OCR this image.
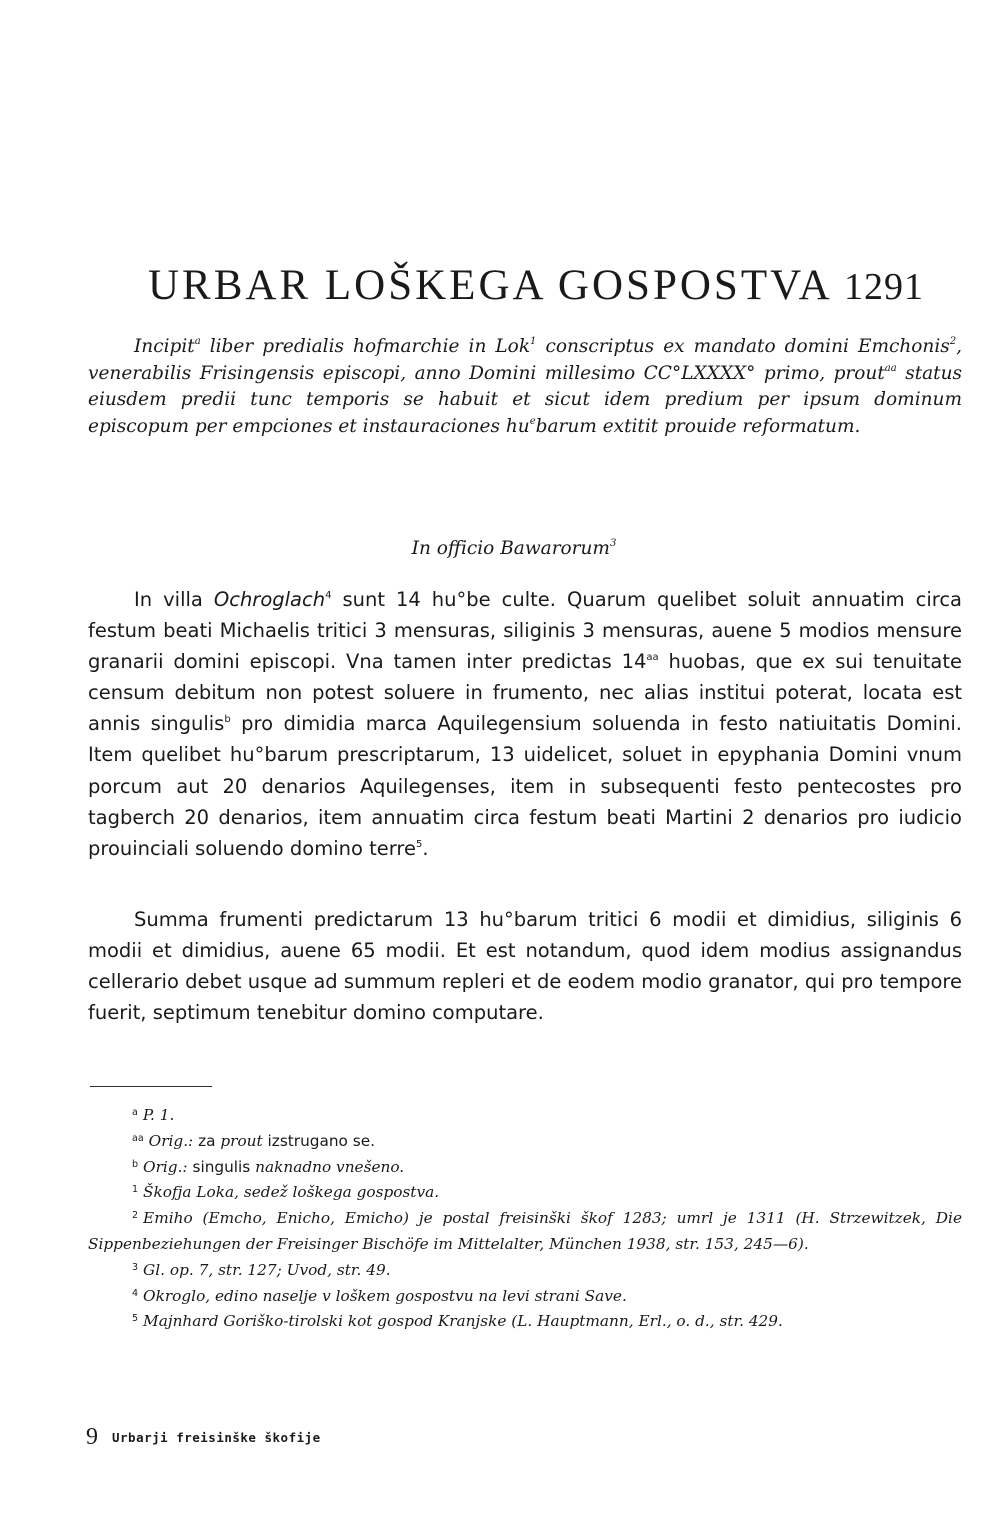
URBAR LOŠKEGA GOSPOSTVA 1291

Incipit$^a$ liber predialis hofmarchie in Lok$^1$ conscriptus ex mandato domini Emchonis$^2$, venerabilis Frisingensis episcopi, anno Domini millesimo CC°LXXXX° primo, prout$^{aa}$ status eiusdem predii tunc temporis se habuit et sicut idem predium per ipsum dominum episcopum per empciones et instauraciones $hu^ebarum$ extitit prouide reformatum.

In officio Bawarorum$^3$

In villa Ochroglach$^4$ sunt 14 hu°be culte. Quarum quelibet soluit annuatim circa festum beati Michaelis tritici 3 mensuras, siliginis 3 mensuras, auene 5 modios mensure granarii domini episcopi. Vna tamen inter predictas $14^{aa}$ huobas, que ex sui tenuitate censum debitum non potest soluere in frumento, nec alias institui poterat, locata est annis singulis$^b$ pro dimidia marca Aquilegensium soluenda in festo natiuitatis Domini. Item quelibet hu°barum prescriptarum, 13 uidelicet, soluet in epyphania Domini vnum porcum aut 20 denarios Aquilegenses, item in subsequenti festo pentecostes pro tagberch 20 denarios, item annuatim circa festum beati Martini 2 denarios pro iudicio prouinciali soluendo domino terre$^5$.

Summa frumenti predictarum 13 hu°barum tritici 6 modii et dimidius, siliginis 6 modii et dimidius, auene 65 modii. Et est notandum, quod idem modius assignandus cellerario debet usque ad summum repleri et de eodem modio granator, qui pro tempore fuerit, septimum tenebitur domino computare.

$^a$ P. 1.
$^{aa}$ Orig.: za prout izstrugano se.
$^b$ Orig.: singulis naknadno vnešeno.
$^1$ Škofja Loka, sedež loškega gospostva.
$^2$ Emiho (Emcho, Enicho, Emicho) je postal freisinški škof 1283; umrl je 1311 (H. Strzewitzek, Die Sippenbeziehungen der Freisinger Bischöfe im Mittelalter, München 1938, str. 153, 245—6).
$^3$ Gl. op. 7, str. 127; Uvod, str. 49.
$^4$ Okroglo, edino naselje v loškem gospostvu na levi strani Save.
$^5$ Majnhard Goriško-tirolski kot gospod Kranjske (L. Hauptmann, Erl., o. d., str. 429.
9 Urbarji freisinške škofije
